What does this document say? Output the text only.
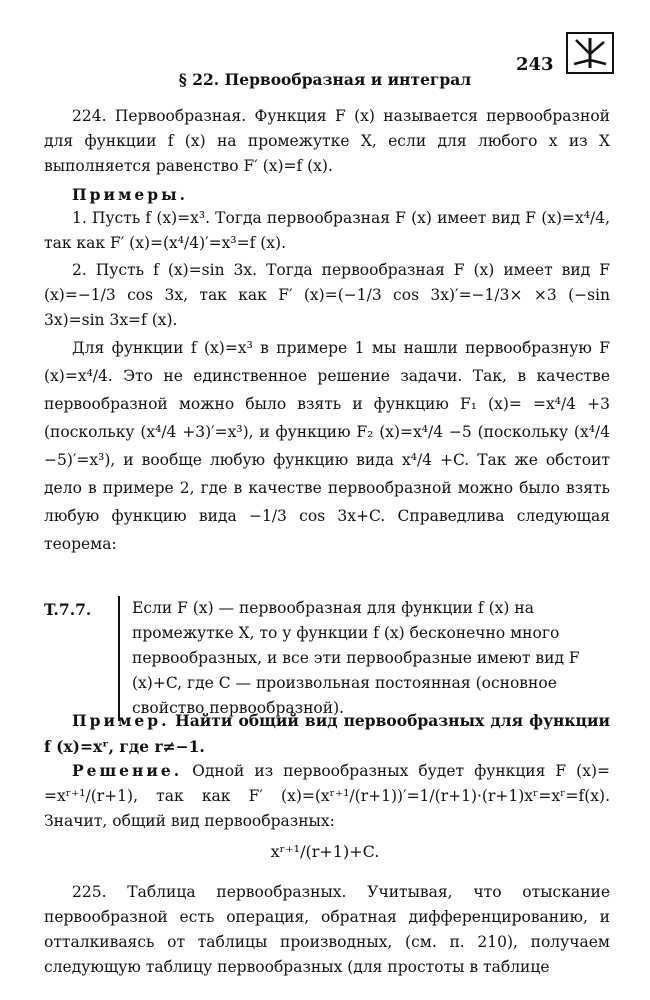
243
§ 22. Первообразная и интеграл
224. Первообразная. Функция F (x) называется первообразной для функции f (x) на промежутке X, если для любого x из X выполняется равенство F′ (x)=f (x).
Примеры.
1. Пусть f (x)=x³. Тогда первообразная F (x) имеет вид F (x)=x⁴/4, так как F′ (x)=(x⁴/4)′=x³=f (x).
2. Пусть f (x)=sin 3x. Тогда первообразная F (x) имеет вид F (x)=−1/3 cos 3x, так как F′ (x)=(−1/3 cos 3x)′=−1/3× ×3 (−sin 3x)=sin 3x=f (x).
Для функции f (x)=x³ в примере 1 мы нашли первообразную F (x)=x⁴/4. Это не единственное решение задачи. Так, в качестве первообразной можно было взять и функцию F₁ (x)= =x⁴/4 +3 (поскольку (x⁴/4 +3)′=x³), и функцию F₂ (x)=x⁴/4 −5 (поскольку (x⁴/4 −5)′=x³), и вообще любую функцию вида x⁴/4 +C. Так же обстоит дело в примере 2, где в качестве первообразной можно было взять любую функцию вида −1/3 cos 3x+C. Справедлива следующая теорема:
T.7.7.	Если F (x) — первообразная для функции f (x) на промежутке X, то у функции f (x) бесконечно много первообразных, и все эти первообразные имеют вид F (x)+C, где C — произвольная постоянная (основное свойство первообразной).
Пример. Найти общий вид первообразных для функции f (x)=xʳ, где r≠−1.
Решение. Одной из первообразных будет функция F (x)= =xʳ⁺¹/(r+1), так как F′ (x)=(xʳ⁺¹/(r+1))′=1/(r+1)·(r+1)xʳ=xʳ=f(x). Значит, общий вид первообразных:
xʳ⁺¹/(r+1)+C.
225. Таблица первообразных. Учитывая, что отыскание первообразной есть операция, обратная дифференцированию, и отталкиваясь от таблицы производных, (см. п. 210), получаем следующую таблицу первообразных (для простоты в таблице
